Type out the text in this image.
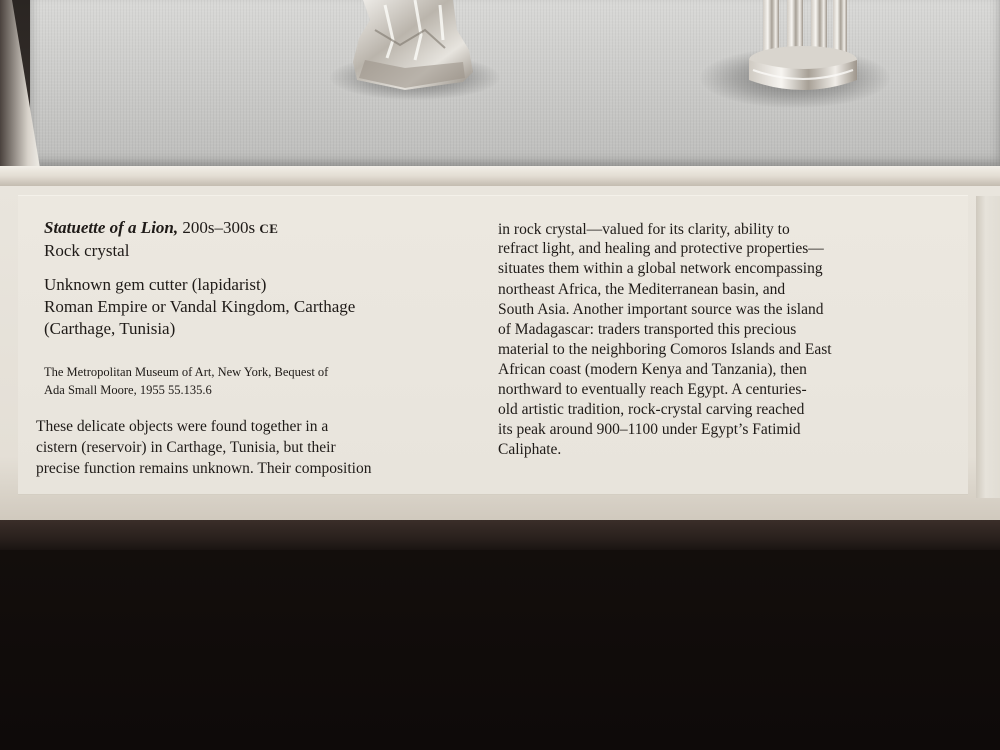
Statuette of a Lion, 200s–300s CE
Rock crystal
Unknown gem cutter (lapidarist)
Roman Empire or Vandal Kingdom, Carthage
(Carthage, Tunisia)
The Metropolitan Museum of Art, New York, Bequest of
Ada Small Moore, 1955 55.135.6
These delicate objects were found together in a
cistern (reservoir) in Carthage, Tunisia, but their
precise function remains unknown. Their composition
in rock crystal—valued for its clarity, ability to
refract light, and healing and protective properties—
situates them within a global network encompassing
northeast Africa, the Mediterranean basin, and
South Asia. Another important source was the island
of Madagascar: traders transported this precious
material to the neighboring Comoros Islands and East
African coast (modern Kenya and Tanzania), then
northward to eventually reach Egypt. A centuries-
old artistic tradition, rock-crystal carving reached
its peak around 900–1100 under Egypt’s Fatimid
Caliphate.
